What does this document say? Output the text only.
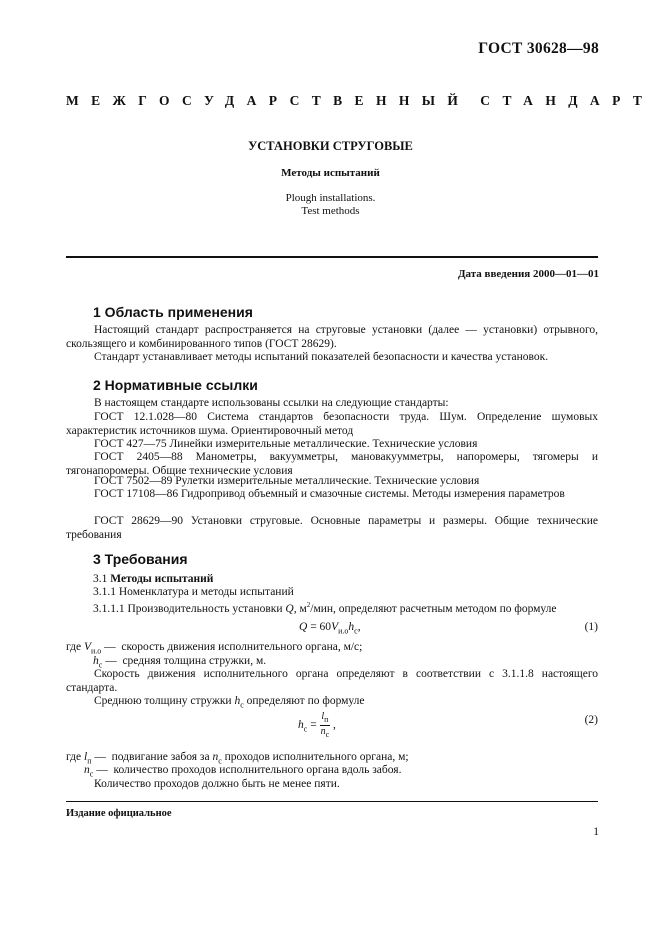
ГОСТ 30628—98
МЕЖГОСУДАРСТВЕННЫЙ СТАНДАРТ
УСТАНОВКИ СТРУГОВЫЕ
Методы испытаний
Plough installations.
Test methods
Дата введения 2000—01—01
1 Область применения
Настоящий стандарт распространяется на струговые установки (далее — установки) отрывного, скользящего и комбинированного типов (ГОСТ 28629).
Стандарт устанавливает методы испытаний показателей безопасности и качества установок.
2 Нормативные ссылки
В настоящем стандарте использованы ссылки на следующие стандарты:
ГОСТ 12.1.028—80 Система стандартов безопасности труда. Шум. Определение шумовых характеристик источников шума. Ориентировочный метод
ГОСТ 427—75 Линейки измерительные металлические. Технические условия
ГОСТ 2405—88 Манометры, вакуумметры, мановакуумметры, напоромеры, тягомеры и тягонапоромеры. Общие технические условия
ГОСТ 7502—89 Рулетки измерительные металлические. Технические условия
ГОСТ 17108—86 Гидропривод объемный и смазочные системы. Методы измерения параметров
ГОСТ 28629—90 Установки струговые. Основные параметры и размеры. Общие технические требования
3 Требования
3.1 Методы испытаний
3.1.1 Номенклатура и методы испытаний
3.1.1.1 Производительность установки Q, $м^2$/мин, определяют расчетным методом по формуле
$Q = 60V_{и.о}h_с$,	(1)
где $V_{и.о}$ —  скорость движения исполнительного органа, м/с;
$h_с$ —  средняя толщина стружки, м.
Скорость движения исполнительного органа определяют в соответствии с 3.1.1.8 настоящего стандарта.
Среднюю толщину стружки $h_с$ определяют по формуле
$h_с = \frac{l_п}{n_с}$ ,	(2)
где $l_п$ —  подвигание забоя за $n_с$ проходов исполнительного органа, м;
$n_с$ —  количество проходов исполнительного органа вдоль забоя.
Количество проходов должно быть не менее пяти.
Издание официальное
1
